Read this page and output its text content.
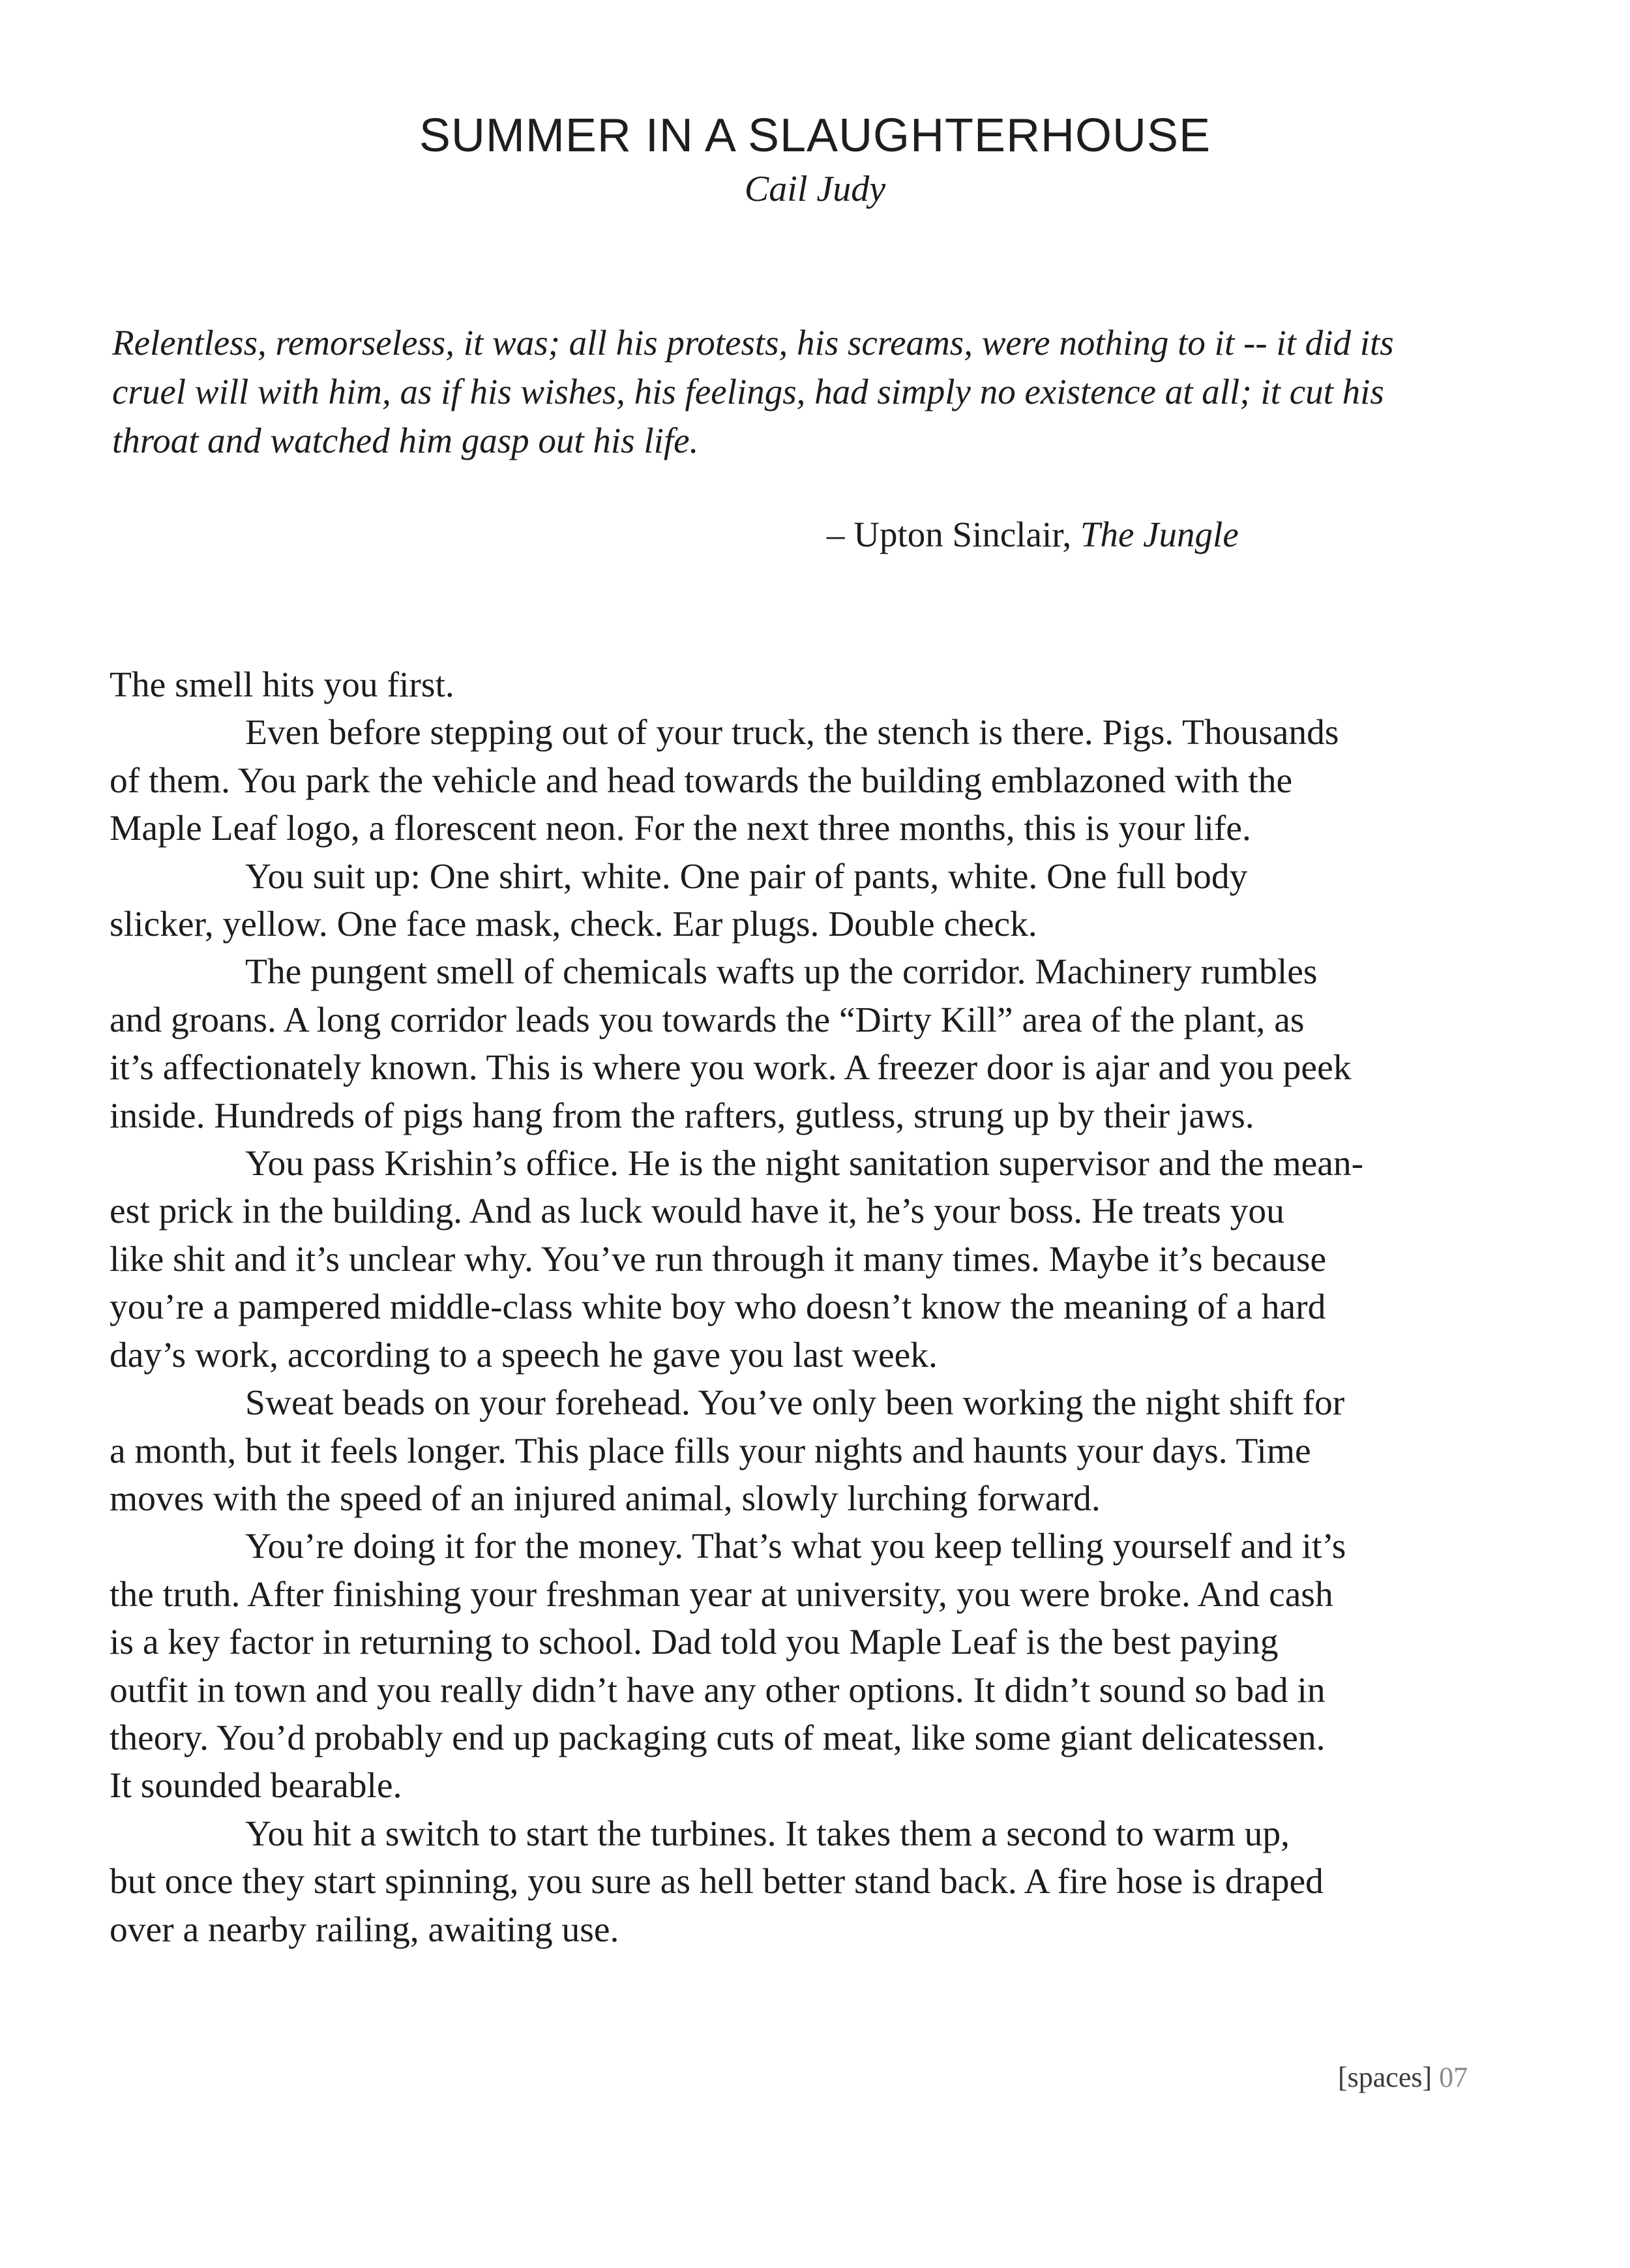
SUMMER IN A SLAUGHTERHOUSE
Cail Judy
Relentless, remorseless, it was; all his protests, his screams, were nothing to it -- it did its
cruel will with him, as if his wishes, his feelings, had simply no existence at all; it cut his
throat and watched him gasp out his life.
– Upton Sinclair, The Jungle
The smell hits you first.
Even before stepping out of your truck, the stench is there. Pigs. Thousands
of them. You park the vehicle and head towards the building emblazoned with the
Maple Leaf logo, a florescent neon. For the next three months, this is your life.
You suit up: One shirt, white. One pair of pants, white. One full body
slicker, yellow. One face mask, check. Ear plugs. Double check.
The pungent smell of chemicals wafts up the corridor. Machinery rumbles
and groans. A long corridor leads you towards the “Dirty Kill” area of the plant, as
it’s affectionately known. This is where you work. A freezer door is ajar and you peek
inside. Hundreds of pigs hang from the rafters, gutless, strung up by their jaws.
You pass Krishin’s office. He is the night sanitation supervisor and the mean-
est prick in the building. And as luck would have it, he’s your boss. He treats you
like shit and it’s unclear why. You’ve run through it many times. Maybe it’s because
you’re a pampered middle-class white boy who doesn’t know the meaning of a hard
day’s work, according to a speech he gave you last week.
Sweat beads on your forehead. You’ve only been working the night shift for
a month, but it feels longer. This place fills your nights and haunts your days. Time
moves with the speed of an injured animal, slowly lurching forward.
You’re doing it for the money. That’s what you keep telling yourself and it’s
the truth. After finishing your freshman year at university, you were broke. And cash
is a key factor in returning to school. Dad told you Maple Leaf is the best paying
outfit in town and you really didn’t have any other options. It didn’t sound so bad in
theory. You’d probably end up packaging cuts of meat, like some giant delicatessen.
It sounded bearable.
You hit a switch to start the turbines. It takes them a second to warm up,
but once they start spinning, you sure as hell better stand back. A fire hose is draped
over a nearby railing, awaiting use.
[spaces] 07
